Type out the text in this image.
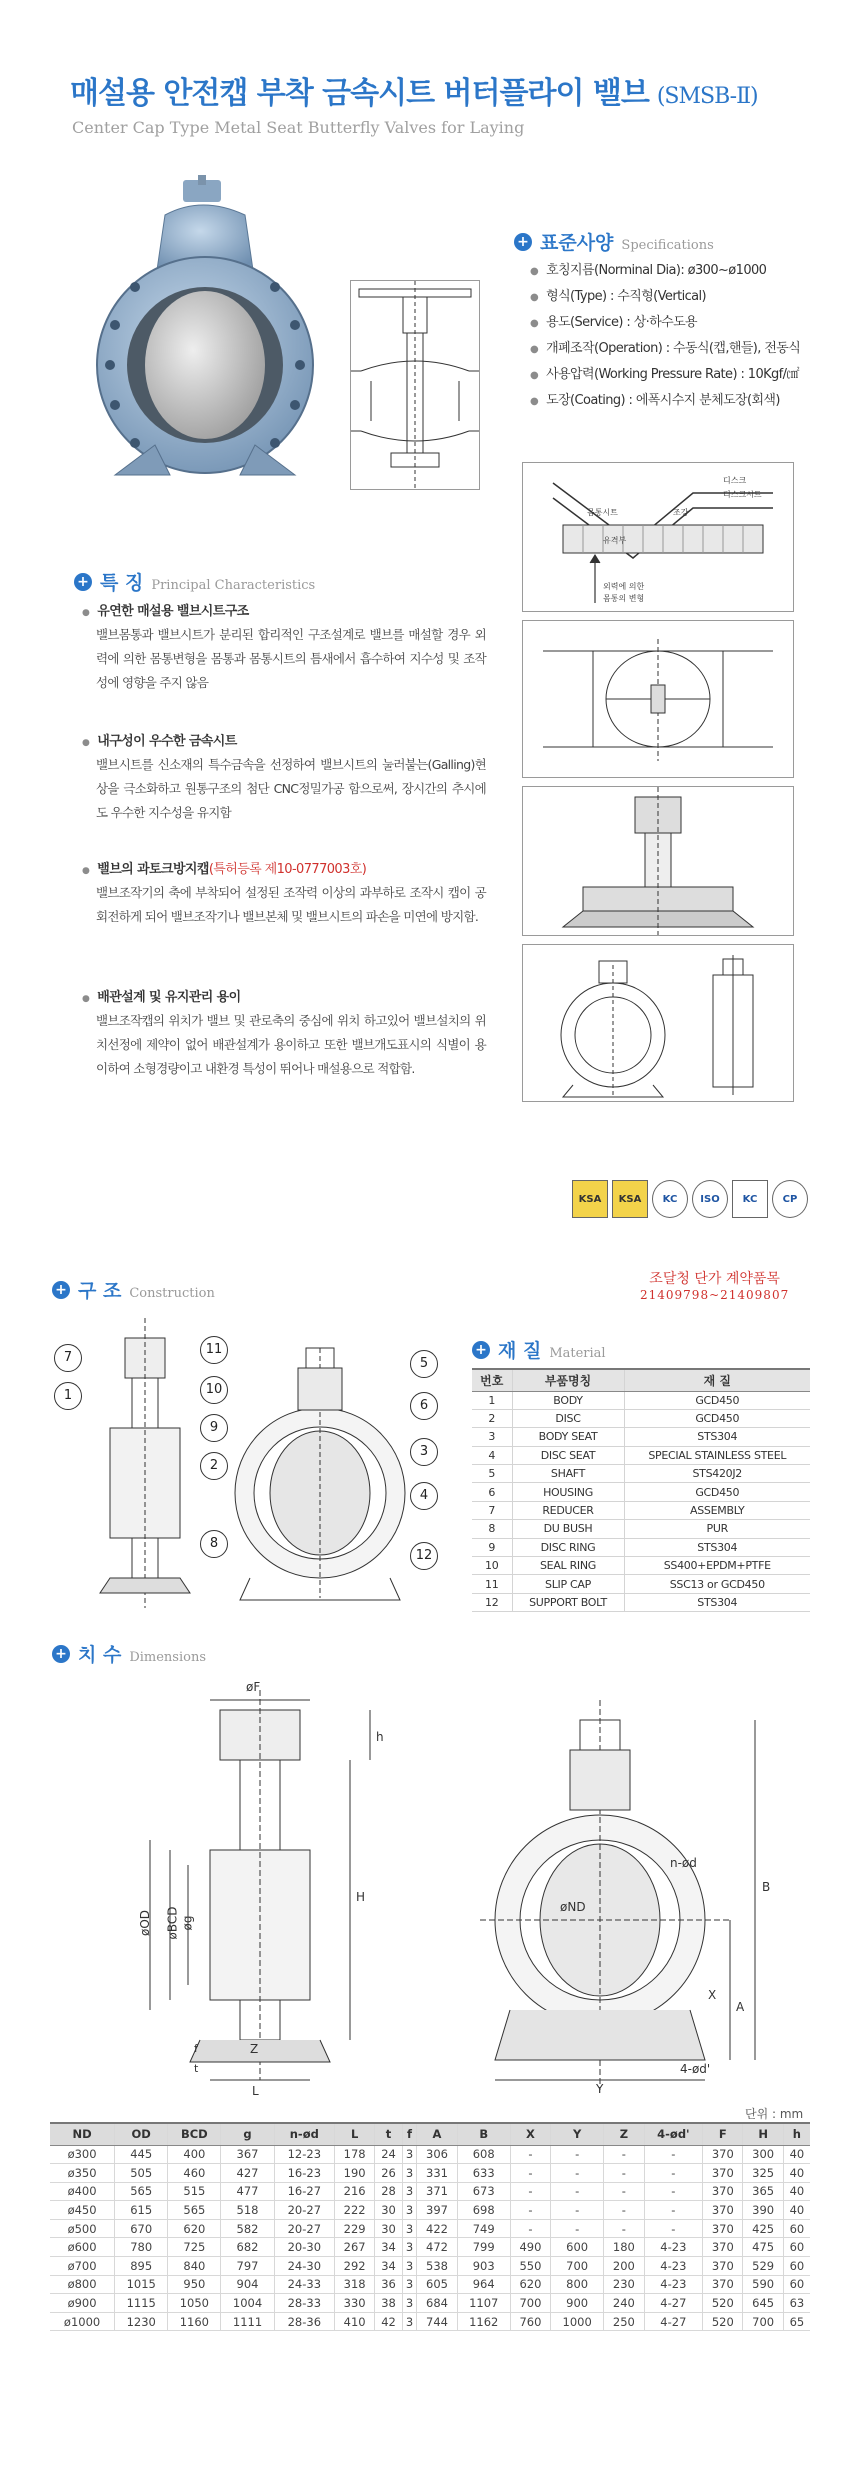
매설용 안전캡 부착 금속시트 버터플라이 밸브 (SMSB-Ⅱ)
Center Cap Type Metal Seat Butterfly Valves for Laying
+ 표준사양 Specifications
● 호칭지름(Norminal Dia): ø300~ø1000
● 형식(Type) : 수직형(Vertical)
● 용도(Service) : 상·하수도용
● 개폐조작(Operation) : 수동식(캡,핸들), 전동식
● 사용압력(Working Pressure Rate) : 10Kgf/㎠
● 도장(Coating) : 에폭시수지 분체도장(회색)
디스크
디스크시트
몸통시트	조강
유격부
외력에 의한
몸통의 변형
+ 특 징 Principal Characteristics
● 유연한 매설용 밸브시트구조

밸브몸통과 밸브시트가 분리된 합리적인 구조설계로 밸브를 매설할 경우 외력에 의한 몸통변형을 몸통과 몸통시트의 틈새에서 흡수하여 지수성 및 조작성에 영향을 주지 않음

● 내구성이 우수한 금속시트

밸브시트를 신소재의 특수금속을 선정하여 밸브시트의 눌러붙는(Galling)현상을 극소화하고 원통구조의 첨단 CNC정밀가공 함으로써, 장시간의 추시에도 우수한 지수성을 유지함

● 밸브의 과토크방지캡(특허등록 제10-0777003호)

밸브조작기의 축에 부착되어 설정된 조작력 이상의 과부하로 조작시 캡이 공회전하게 되어 밸브조작기나 밸브본체 및 밸브시트의 파손을 미연에 방지함.

● 배관설계 및 유지관리 용이

밸브조작캡의 위치가 밸브 및 관로축의 중심에 위치 하고있어 밸브설치의 위치선정에 제약이 없어 배관설계가 용이하고 또한 밸브개도표시의 식별이 용이하여 소형경량이고 내환경 특성이 뛰어나 매설용으로 적합함.

KSA	KSA	KC	ISO	KC	CP
조달청 단가 계약품목
21409798~21409807
+ 구 조 Construction
7
1
11
10
9
2
8
5
6
3
4
12
+ 재 질 Material
번호	부품명칭	재 질
1	BODY	GCD450
2	DISC	GCD450
3	BODY SEAT	STS304
4	DISC SEAT	SPECIAL STAINLESS STEEL
5	SHAFT	STS420J2
6	HOUSING	GCD450
7	REDUCER	ASSEMBLY
8	DU BUSH	PUR
9	DISC RING	STS304
10	SEAL RING	SS400+EPDM+PTFE
11	SLIP CAP	SSC13 or GCD450
12	SUPPORT BOLT	STS304
+ 치 수 Dimensions
øF
øOD øBCD øg
H
h
t
f	Z
L
øND
n-ød
B
A
X
Y
4-ød'
단위 : mm
ND	OD	BCD	g	n-ød	L	t	f	A	B	X	Y	Z	4-ød'	F	H	h
ø300	445	400	367	12-23	178	24	3	306	608	-	-	-	-	370	300	40
ø350	505	460	427	16-23	190	26	3	331	633	-	-	-	-	370	325	40
ø400	565	515	477	16-27	216	28	3	371	673	-	-	-	-	370	365	40
ø450	615	565	518	20-27	222	30	3	397	698	-	-	-	-	370	390	40
ø500	670	620	582	20-27	229	30	3	422	749	-	-	-	-	370	425	60
ø600	780	725	682	20-30	267	34	3	472	799	490	600	180	4-23	370	475	60
ø700	895	840	797	24-30	292	34	3	538	903	550	700	200	4-23	370	529	60
ø800	1015	950	904	24-33	318	36	3	605	964	620	800	230	4-23	370	590	60
ø900	1115	1050	1004	28-33	330	38	3	684	1107	700	900	240	4-27	520	645	63
ø1000	1230	1160	1111	28-36	410	42	3	744	1162	760	1000	250	4-27	520	700	65
